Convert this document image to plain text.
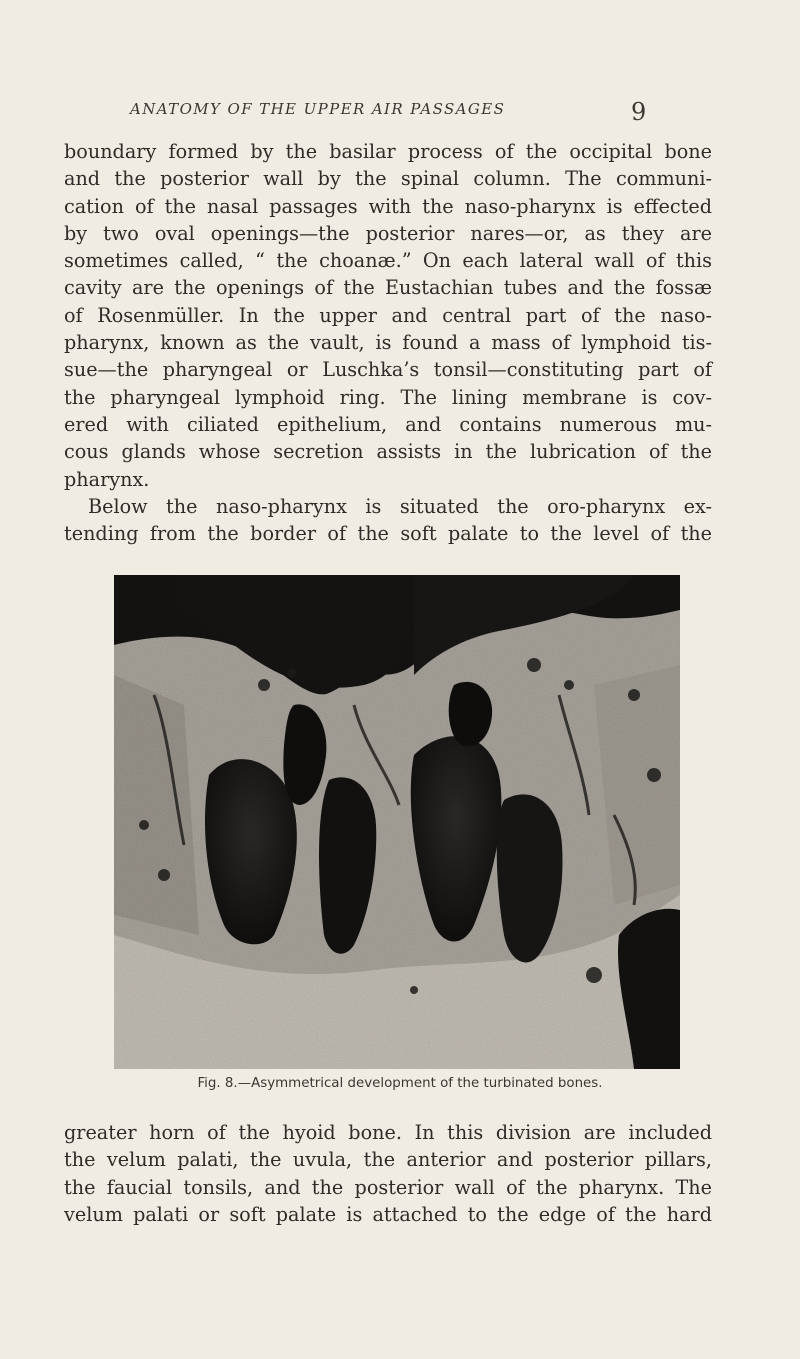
ANATOMY OF THE UPPER AIR PASSAGES	9
boundary formed by the basilar process of the occipital bone
and the posterior wall by the spinal column. The communi-
cation of the nasal passages with the naso-pharynx is effected
by two oval openings—the posterior nares—or, as they are
sometimes called, “ the choanæ.” On each lateral wall of this
cavity are the openings of the Eustachian tubes and the fossæ
of Rosenmüller. In the upper and central part of the naso-
pharynx, known as the vault, is found a mass of lymphoid tis-
sue—the pharyngeal or Luschka’s tonsil—constituting part of
the pharyngeal lymphoid ring. The lining membrane is cov-
ered with ciliated epithelium, and contains numerous mu-
cous glands whose secretion assists in the lubrication of the
pharynx.
Below the naso-pharynx is situated the oro-pharynx ex-
tending from the border of the soft palate to the level of the
Fig. 8.—Asymmetrical development of the turbinated bones.
greater horn of the hyoid bone. In this division are included
the velum palati, the uvula, the anterior and posterior pillars,
the faucial tonsils, and the posterior wall of the pharynx. The
velum palati or soft palate is attached to the edge of the hard
